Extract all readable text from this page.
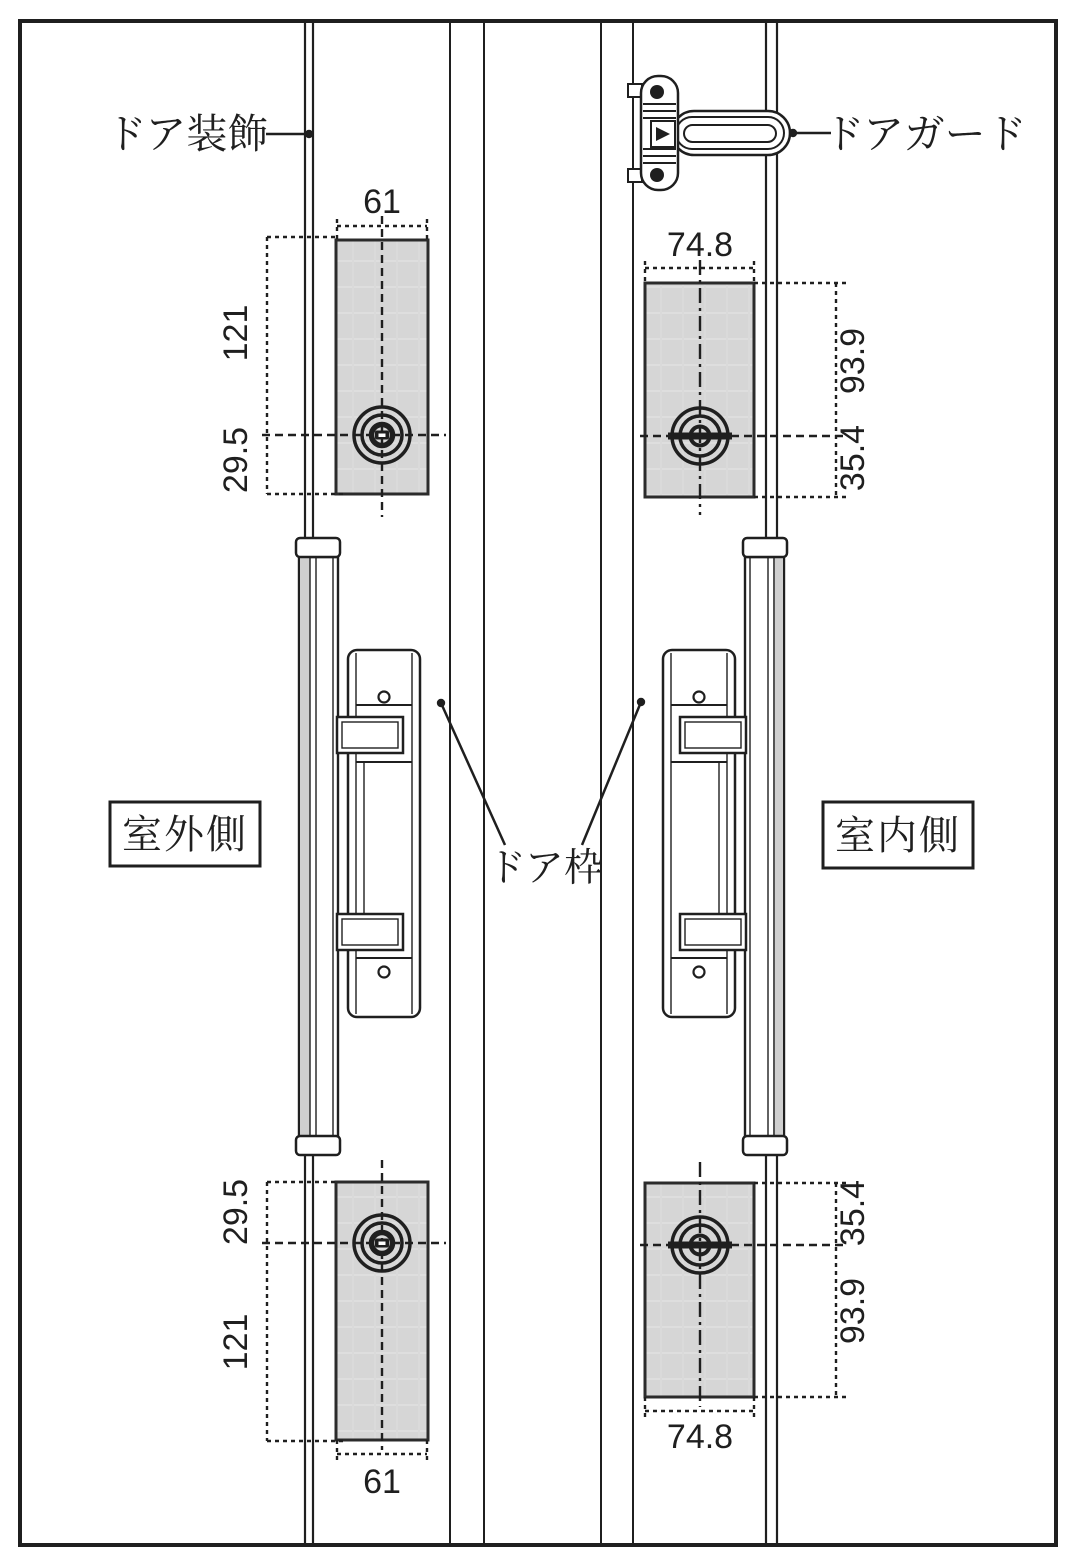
61
121
29.5
74.8
93.9
35.4
29.5
121
61
35.4
93.9
74.8
ドア装飾	ドアガード
ドア枠
室外側	室内側
